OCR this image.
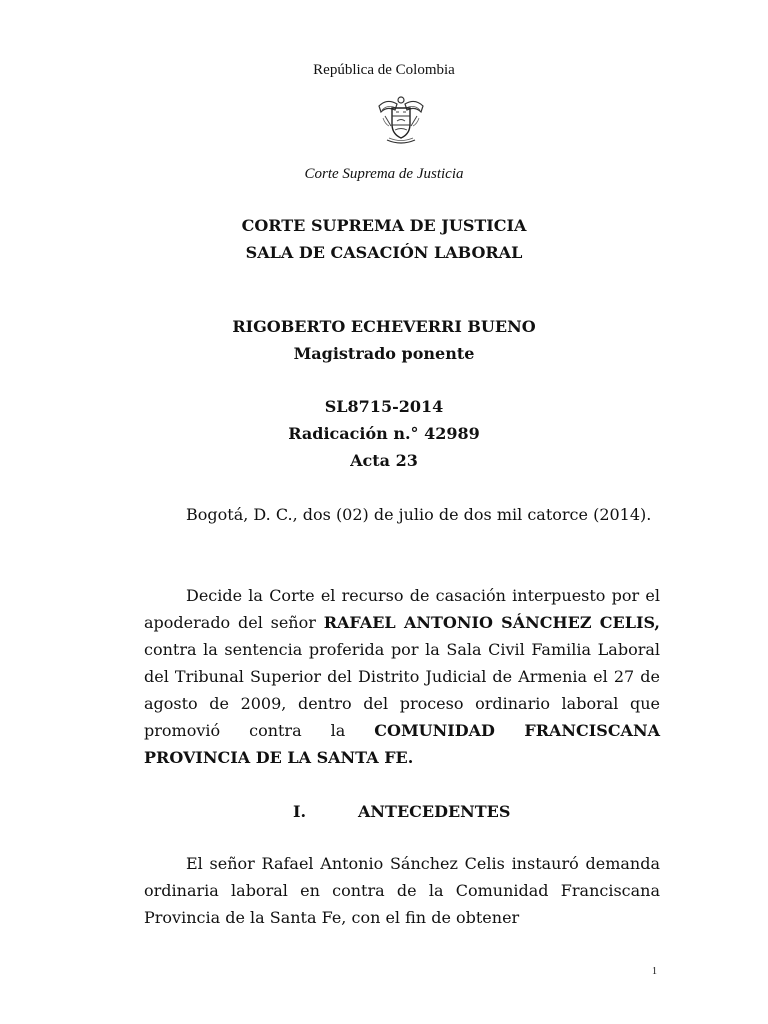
República de Colombia
Corte Suprema de Justicia
CORTE SUPREMA DE JUSTICIA
SALA DE CASACIÓN LABORAL
RIGOBERTO ECHEVERRI BUENO
Magistrado ponente
SL8715-2014
Radicación n.° 42989
Acta 23
Bogotá, D. C., dos (02) de julio de dos mil catorce (2014).
Decide la Corte el recurso de casación interpuesto por el apoderado del señor RAFAEL ANTONIO SÁNCHEZ CELIS, contra la sentencia proferida por la Sala Civil Familia Laboral del Tribunal Superior del Distrito Judicial de Armenia el 27 de agosto de 2009, dentro del proceso ordinario laboral que promovió contra la COMUNIDAD FRANCISCANA PROVINCIA DE LA SANTA FE.
I.	ANTECEDENTES
El señor Rafael Antonio Sánchez Celis instauró demanda ordinaria laboral en contra de la Comunidad Franciscana Provincia de la Santa Fe, con el fin de obtener
1
